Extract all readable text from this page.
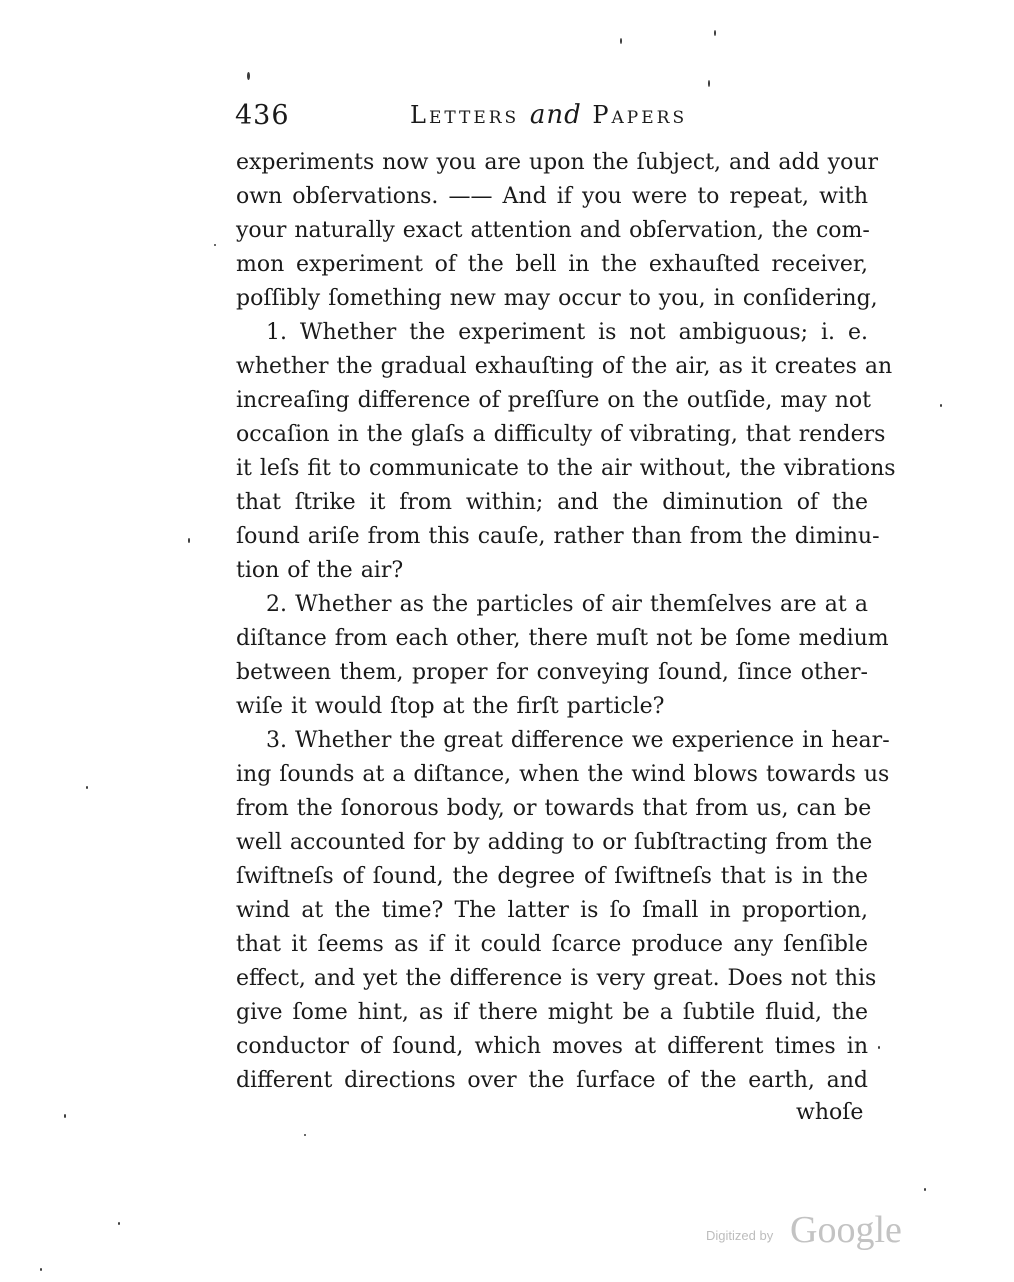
436	Letters and Papers
experiments now you are upon the ſubject, and add your
own obſervations. —— And if you were to repeat, with
your naturally exact attention and obſervation, the com-
mon experiment of the bell in the exhauſted receiver,
poſſibly ſomething new may occur to you, in conſidering,
1. Whether the experiment is not ambiguous; i. e.
whether the gradual exhauſting of the air, as it creates an
increaſing difference of preſſure on the outſide, may not
occaſion in the glaſs a difficulty of vibrating, that renders
it leſs fit to communicate to the air without, the vibrations
that ſtrike it from within; and the diminution of the
ſound ariſe from this cauſe, rather than from the diminu-
tion of the air?
2. Whether as the particles of air themſelves are at a
diſtance from each other, there muſt not be ſome medium
between them, proper for conveying ſound, ſince other-
wiſe it would ſtop at the firſt particle?
3. Whether the great difference we experience in hear-
ing ſounds at a diſtance, when the wind blows towards us
from the ſonorous body, or towards that from us, can be
well accounted for by adding to or ſubſtracting from the
ſwiftneſs of ſound, the degree of ſwiftneſs that is in the
wind at the time? The latter is ſo ſmall in proportion,
that it ſeems as if it could ſcarce produce any ſenſible
effect, and yet the difference is very great. Does not this
give ſome hint, as if there might be a ſubtile fluid, the
conductor of ſound, which moves at different times in
different directions over the ſurface of the earth, and
whoſe
Digitized by Google
